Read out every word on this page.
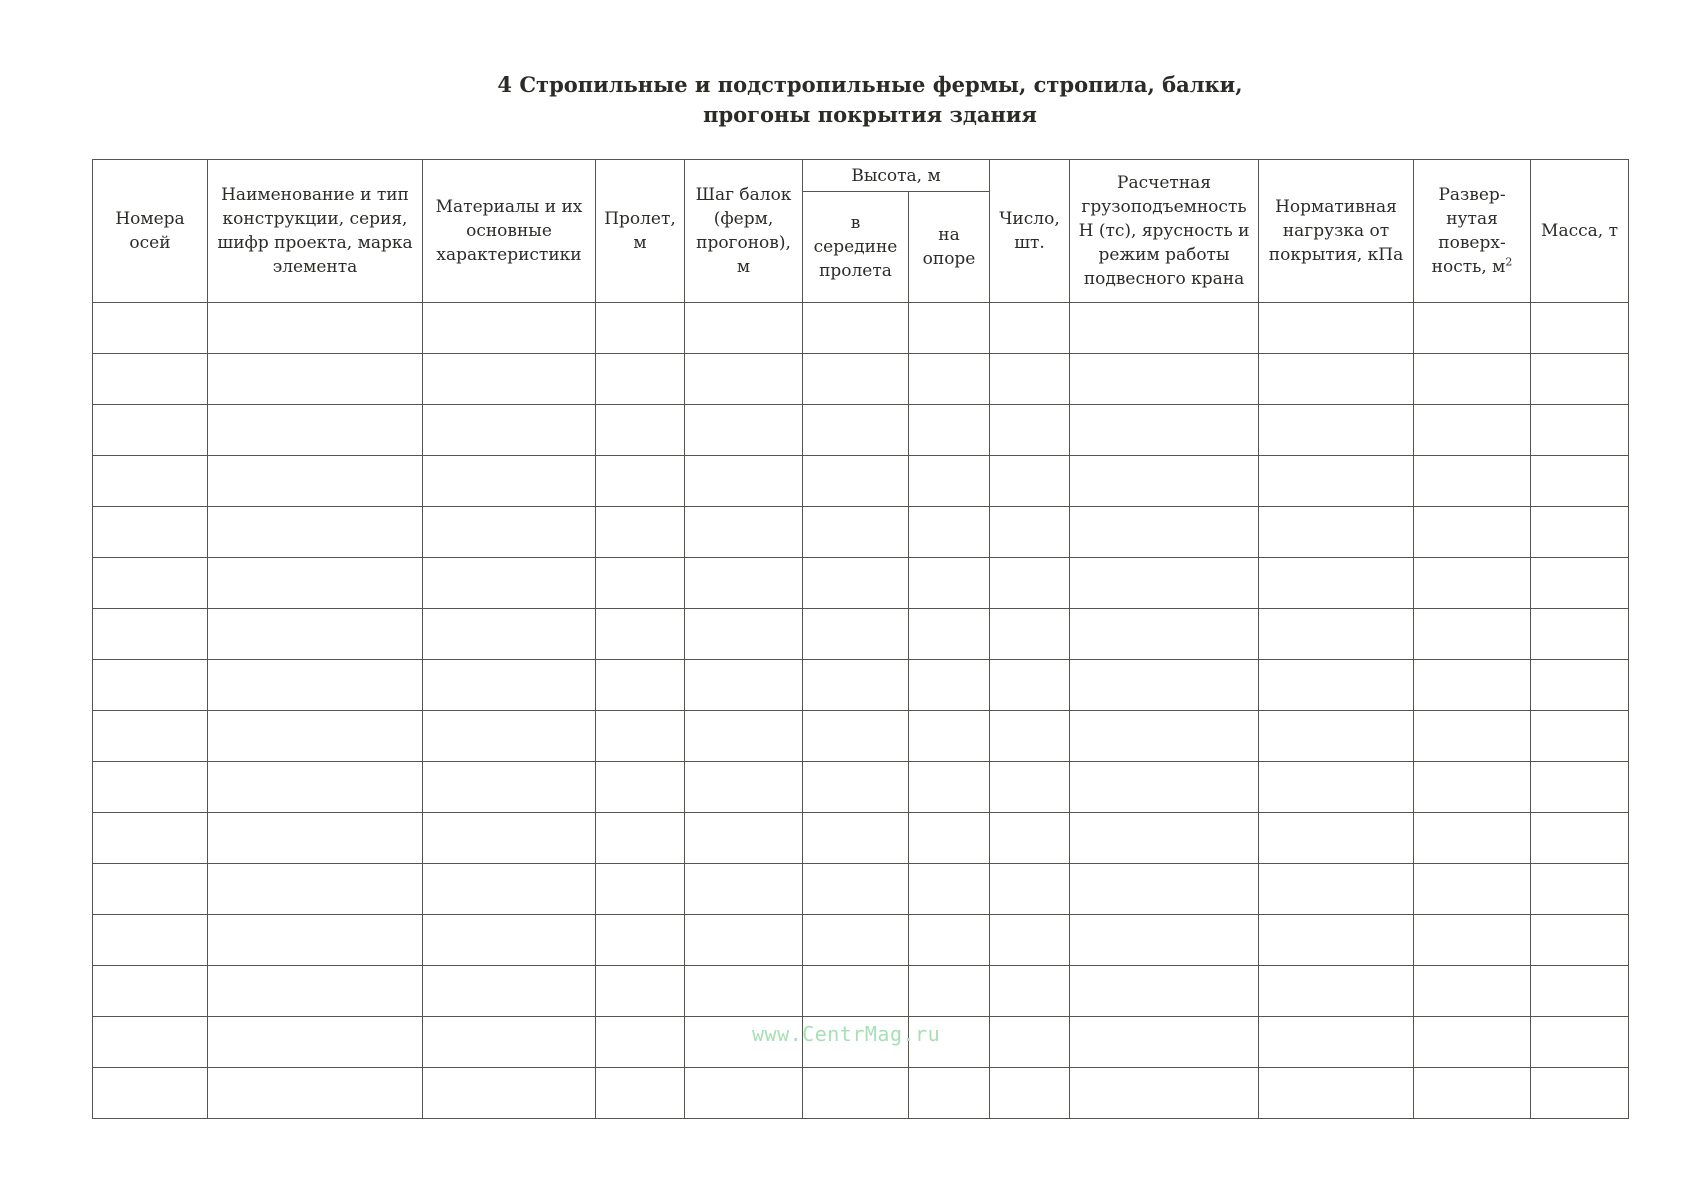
4 Стропильные и подстропильные фермы, стропила, балки,
прогоны покрытия здания
Номера осей	Наименование и тип конструкции, серия, шифр проекта, марка элемента	Материалы и их основные характеристики	Пролет, м	Шаг балок (ферм, прогонов), м	Высота, м		Число, шт.	Расчетная грузоподъемность Н (тс), ярусность и режим работы подвесного крана	Нормативная нагрузка от покрытия, кПа	Развер-нутая поверх-ность, $м^2$	Масса, т

					в середине пролета	на опоре					

www.CentrMag.ru
